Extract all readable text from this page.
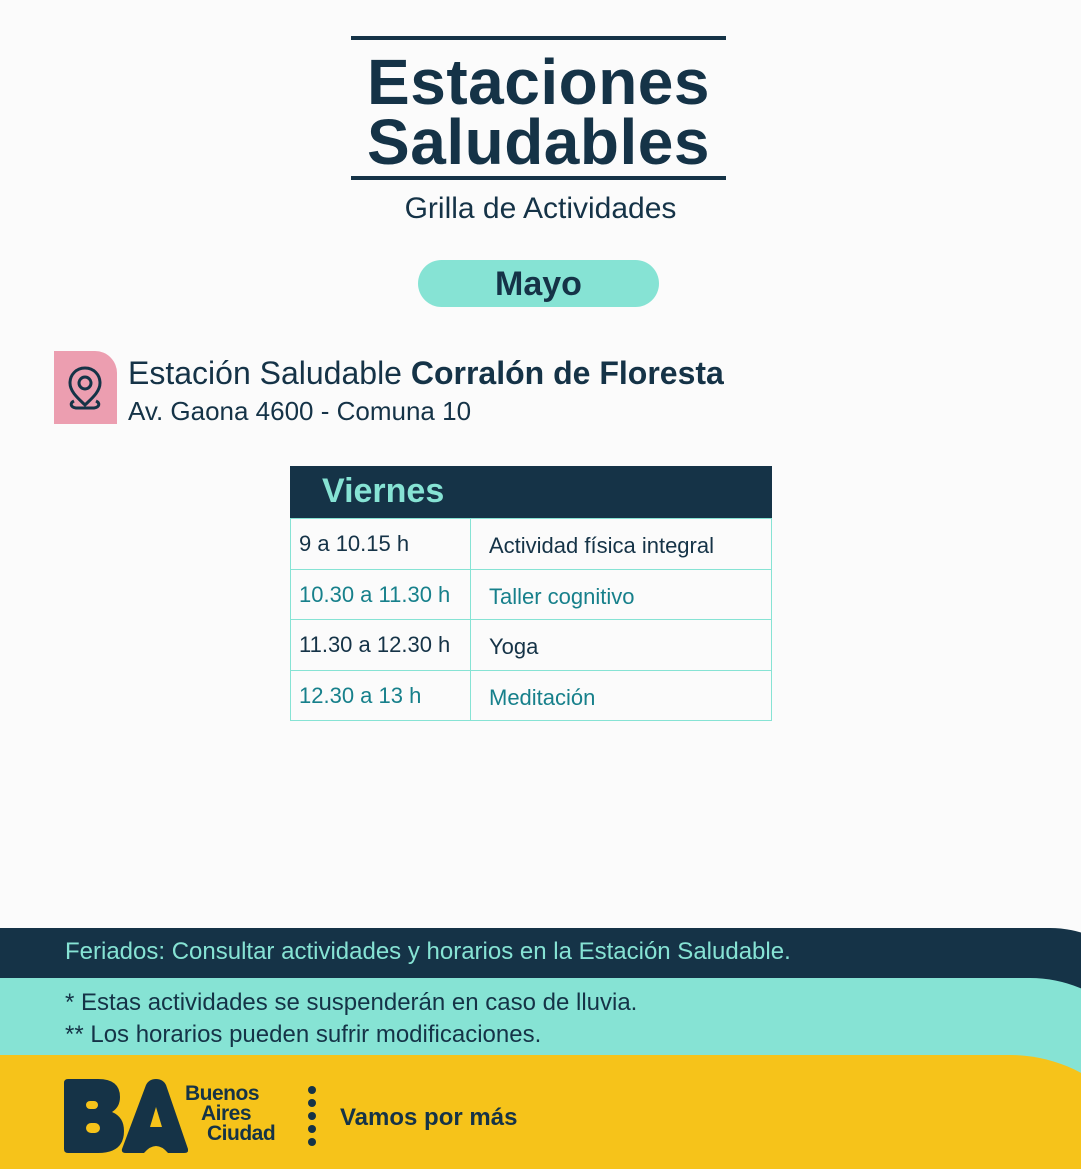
Estaciones
Saludables
Grilla de Actividades
Mayo
Estación Saludable Corralón de Floresta
Av. Gaona 4600 - Comuna 10
Viernes
9 a 10.15 h	Actividad física integral
10.30 a 11.30 h	Taller cognitivo
11.30 a 12.30 h	Yoga
12.30 a 13 h	Meditación
Feriados: Consultar actividades y horarios en la Estación Saludable.
* Estas actividades se suspenderán en caso de lluvia.
** Los horarios pueden sufrir modificaciones.
Buenos
Aires
Ciudad
Vamos por más
